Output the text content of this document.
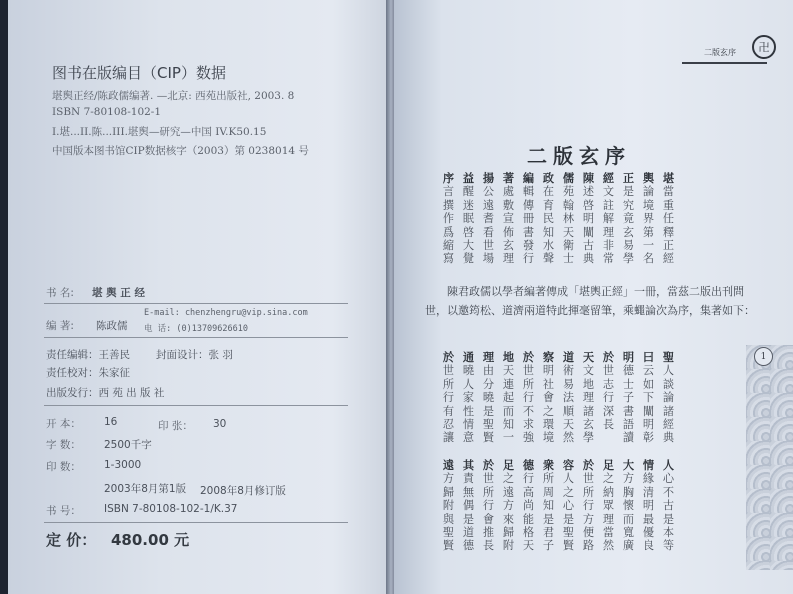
图书在版编目（CIP）数据
堪舆正经/陈政儒编著. —北京: 西苑出版社, 2003. 8
ISBN 7-80108-102-1
I.堪...II.陈...III.堪舆—研究—中国 IV.K50.15
中国版本图书馆CIP数据核字（2003）第 0238014 号
书 名: 堪 舆 正 经
编 著: 陈政儒
E-mail: chenzhengru@vip.sina.com
电 话: (0)13709626610
责任编辑：王善民 封面设计：张 羽
责任校对：朱家征
出版发行：西 苑 出 版 社
开 本： 16	印 张： 30
字 数： 2500千字
印 数： 1-3000
2003年8月第1版 2008年8月修订版
书 号： ISBN 7-80108-102-1/K.37
定 价： 480.00 元
二版玄序 卍
二版玄序
堪
當
重
任
釋
正
經
輿
論
境
界
第
一
名
正
是
究
竟
玄
易
學
經
文
註
解
理
非
常
陳
述
啓
明
闡
古
典
儒
苑
翰
林
天
衛
士
政
在
育
民
知
水
聲
編
輯
傳
冊
書
發
行
著
處
敷
宣
佈
玄
理
揚
公
遠
耆
看
世
場
益
醒
迷
眠
啓
大
覺
序
言
撰
作
爲
縮
寫
陳君政儒以學者編著傳成「堪輿正經」一冊，當茲二版出刊問世，以邀筠松、道濟兩道特此揮毫留筆，乘蠅論次為序，集著如下：
聖
人
談
論
諸
經
典
曰
云
如
下
闡
明
彰
明
德
士
子
書
語
讀
於
世
志
行
深
長
天
文
地
理
諸
玄
學
道
術
易
法
順
天
然
察
明
社
會
之
環
境
於
世
所
行
不
求
強
地
天
連
起
而
知
一
理
由
分
曉
是
聖
賢
通
曉
人
家
性
情
意
於
世
所
行
有
忍
讓
人
心
不
古
是
本
等
情
緣
清
明
最
優
良
大
方
胸
懷
而
寬
廣
足
之
納
眾
理
當
然
於
世
所
行
方
便
路
容
人
之
心
是
聖
賢
衆
所
周
知
是
君
子
德
行
高
尚
能
格
天
足
之
遠
方
來
歸
附
於
世
所
行
會
推
長
其
責
無
偶
是
道
德
遠
方
歸
附
與
聖
賢
1
